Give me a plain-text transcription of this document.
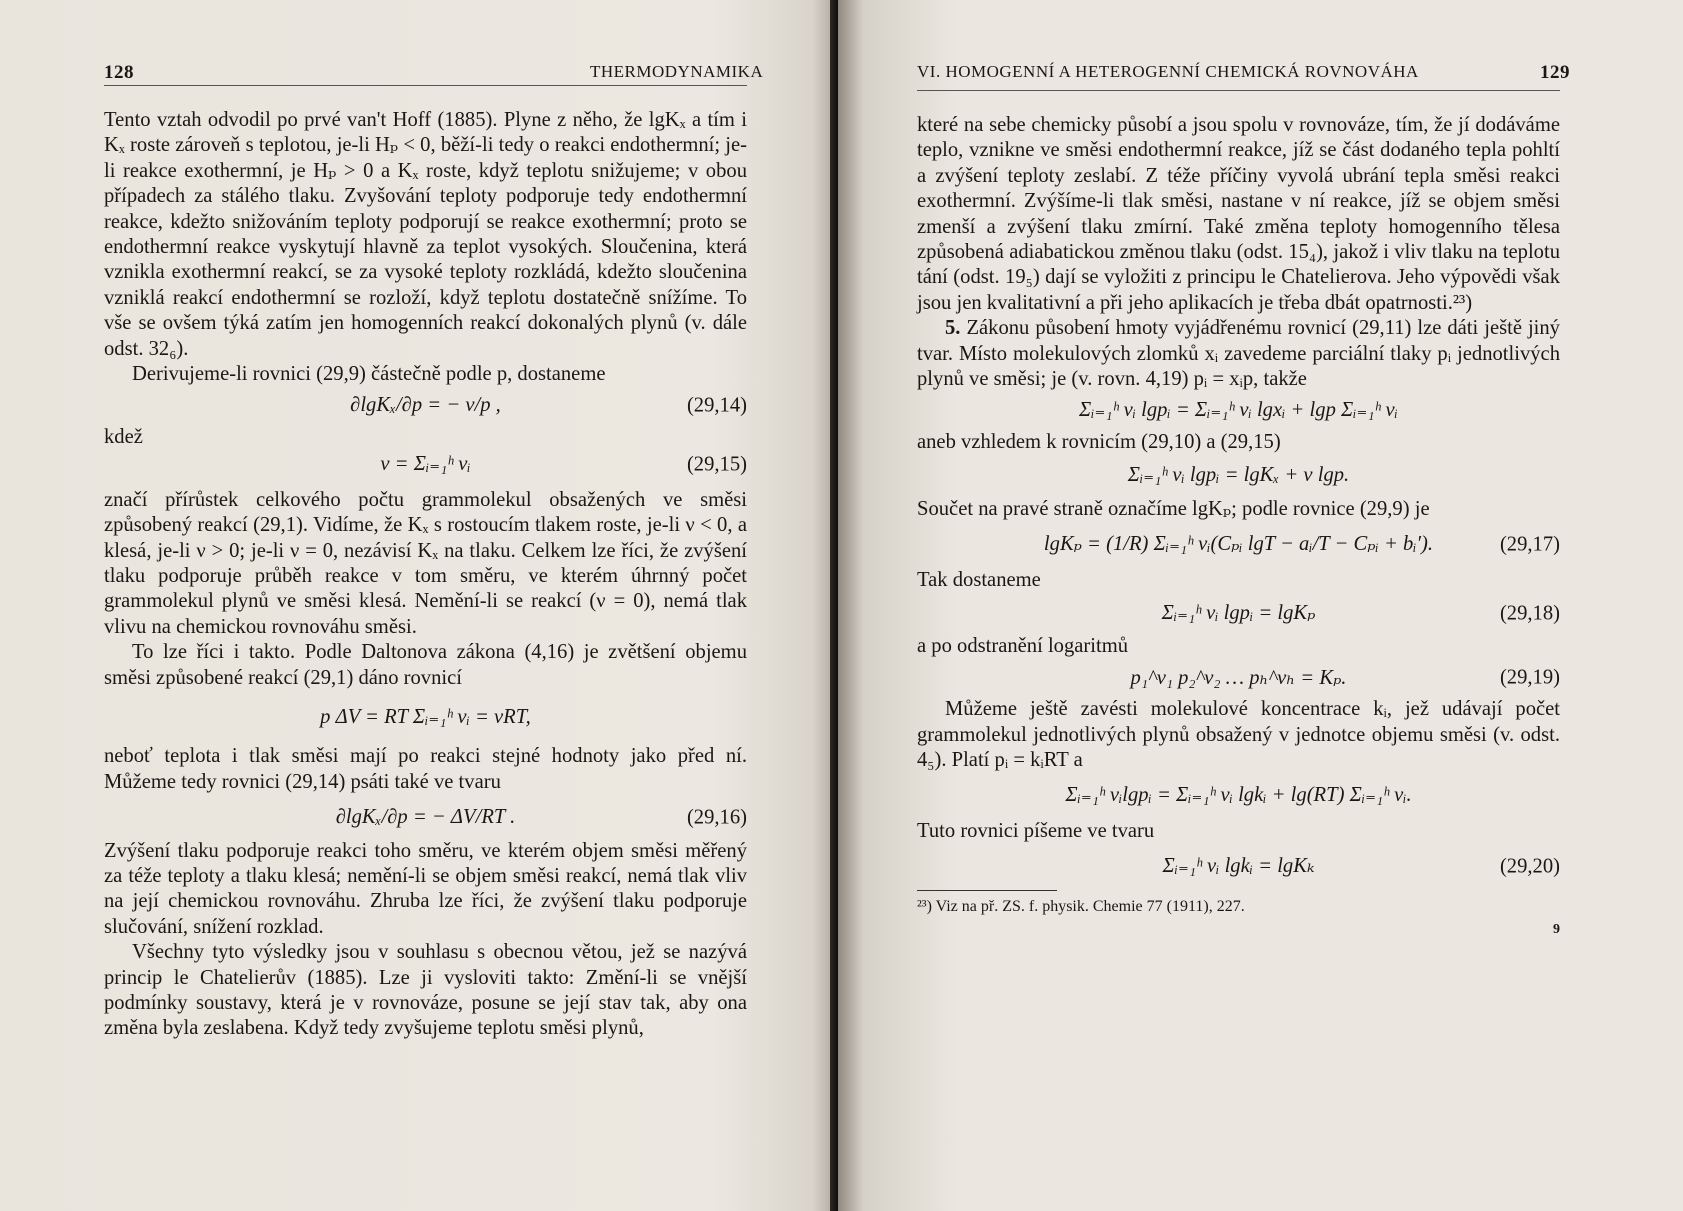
128	THERMODYNAMIKA

Tento vztah odvodil po prvé van't Hoff (1885). Plyne z něho, že lgKₓ a tím i Kₓ roste zároveň s teplotou, je-li Hₚ < 0, běží-li tedy o reakci endothermní; je-li reakce exothermní, je Hₚ > 0 a Kₓ roste, když teplotu snižujeme; v obou případech za stálého tlaku. Zvyšování teploty podporuje tedy endothermní reakce, kdežto snižováním teploty podporují se reakce exothermní; proto se endothermní reakce vyskytují hlavně za teplot vysokých. Sloučenina, která vznikla exothermní reakcí, se za vysoké teploty rozkládá, kdežto sloučenina vzniklá reakcí endothermní se rozloží, když teplotu dostatečně snížíme. To vše se ovšem týká zatím jen homogenních reakcí dokonalých plynů (v. dále odst. 32₆).

Derivujeme-li rovnici (29,9) částečně podle p, dostaneme

∂lgKₓ/∂p = − ν/p ,	(29,14)

kdež

ν = Σᵢ₌₁ʰ νᵢ	(29,15)

značí přírůstek celkového počtu grammolekul obsažených ve směsi způsobený reakcí (29,1). Vidíme, že Kₓ s rostoucím tlakem roste, je-li ν < 0, a klesá, je-li ν > 0; je-li ν = 0, nezávisí Kₓ na tlaku. Celkem lze říci, že zvýšení tlaku podporuje průběh reakce v tom směru, ve kterém úhrnný počet grammolekul plynů ve směsi klesá. Nemění-li se reakcí (ν = 0), nemá tlak vlivu na chemickou rovnováhu směsi.

To lze říci i takto. Podle Daltonova zákona (4,16) je zvětšení objemu směsi způsobené reakcí (29,1) dáno rovnicí

p ΔV = RT Σᵢ₌₁ʰ νᵢ = νRT,

neboť teplota i tlak směsi mají po reakci stejné hodnoty jako před ní. Můžeme tedy rovnici (29,14) psáti také ve tvaru

∂lgKₓ/∂p = − ΔV/RT .	(29,16)

Zvýšení tlaku podporuje reakci toho směru, ve kterém objem směsi měřený za téže teploty a tlaku klesá; nemění-li se objem směsi reakcí, nemá tlak vliv na její chemickou rovnováhu. Zhruba lze říci, že zvýšení tlaku podporuje slučování, snížení rozklad.

Všechny tyto výsledky jsou v souhlasu s obecnou větou, jež se nazývá princip le Chatelierův (1885). Lze ji vysloviti takto: Změní-li se vnější podmínky soustavy, která je v rovnováze, posune se její stav tak, aby ona změna byla zeslabena. Když tedy zvyšujeme teplotu směsi plynů,

VI. HOMOGENNÍ A HETEROGENNÍ CHEMICKÁ ROVNOVÁHA	129

které na sebe chemicky působí a jsou spolu v rovnováze, tím, že jí dodáváme teplo, vznikne ve směsi endothermní reakce, jíž se část dodaného tepla pohltí a zvýšení teploty zeslabí. Z téže příčiny vyvolá ubrání tepla směsi reakci exothermní. Zvýšíme-li tlak směsi, nastane v ní reakce, jíž se objem směsi zmenší a zvýšení tlaku zmírní. Také změna teploty homogenního tělesa způsobená adiabatickou změnou tlaku (odst. 15₄), jakož i vliv tlaku na teplotu tání (odst. 19₅) dají se vyložiti z principu le Chatelierova. Jeho výpovědi však jsou jen kvalitativní a při jeho aplikacích je třeba dbát opatrnosti.²³)

5. Zákonu působení hmoty vyjádřenému rovnicí (29,11) lze dáti ještě jiný tvar. Místo molekulových zlomků xᵢ zavedeme parciální tlaky pᵢ jednotlivých plynů ve směsi; je (v. rovn. 4,19) pᵢ = xᵢp, takže

Σᵢ₌₁ʰ νᵢ lgpᵢ = Σᵢ₌₁ʰ νᵢ lgxᵢ + lgp Σᵢ₌₁ʰ νᵢ

aneb vzhledem k rovnicím (29,10) a (29,15)

Σᵢ₌₁ʰ νᵢ lgpᵢ = lgKₓ + ν lgp.

Součet na pravé straně označíme lgKₚ; podle rovnice (29,9) je

lgKₚ = (1/R) Σᵢ₌₁ʰ νᵢ(Cₚᵢ lgT − aᵢ/T − Cₚᵢ + bᵢ′).	(29,17)

Tak dostaneme

Σᵢ₌₁ʰ νᵢ lgpᵢ = lgKₚ	(29,18)

a po odstranění logaritmů

p₁^ν₁ p₂^ν₂ … pₕ^νₕ = Kₚ.	(29,19)

Můžeme ještě zavésti molekulové koncentrace kᵢ, jež udávají počet grammolekul jednotlivých plynů obsažený v jednotce objemu směsi (v. odst. 4₅). Platí pᵢ = kᵢRT a

Σᵢ₌₁ʰ νᵢlgpᵢ = Σᵢ₌₁ʰ νᵢ lgkᵢ + lg(RT) Σᵢ₌₁ʰ νᵢ.

Tuto rovnici píšeme ve tvaru

Σᵢ₌₁ʰ νᵢ lgkᵢ = lgKₖ	(29,20)

²³) Viz na př. ZS. f. physik. Chemie 77 (1911), 227.

9
